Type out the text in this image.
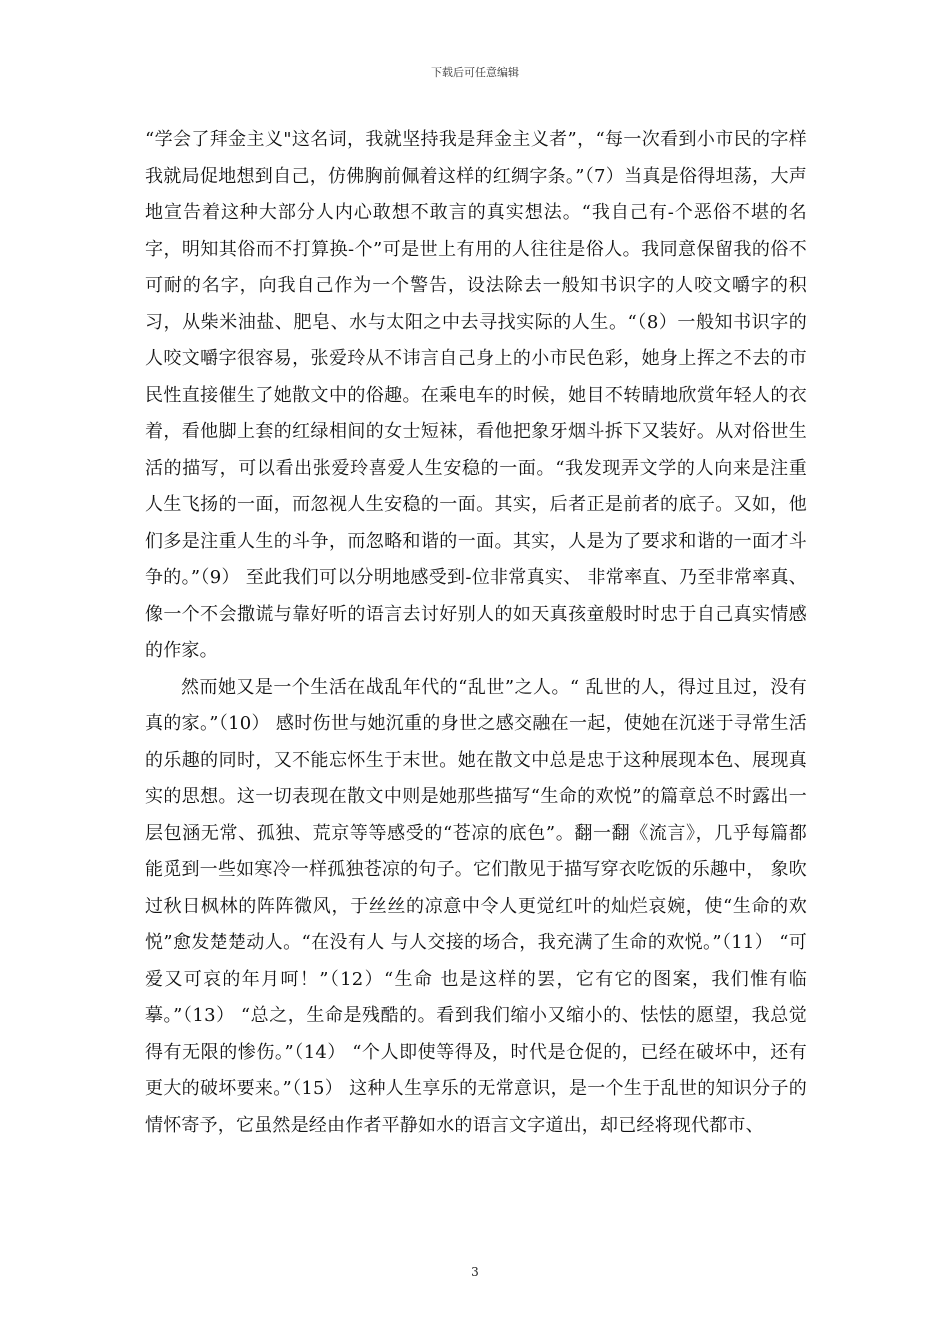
下载后可任意编辑

“学会了拜金主义"这名词，我就坚持我是拜金主义者”，“每一次看到小市民的字样我就局促地想到自己，仿佛胸前佩着这样的红绸字条。”（7）当真是俗得坦荡，大声地宣告着这种大部分人内心敢想不敢言的真实想法。“我自己有-个恶俗不堪的名字，明知其俗而不打算换-个”可是世上有用的人往往是俗人。我同意保留我的俗不可耐的名字，向我自己作为一个警告，设法除去一般知书识字的人咬文嚼字的积习，从柴米油盐、肥皂、水与太阳之中去寻找实际的人生。“（8）一般知书识字的人咬文嚼字很容易，张爱玲从不讳言自己身上的小市民色彩，她身上挥之不去的市民性直接催生了她散文中的俗趣。在乘电车的时候，她目不转睛地欣赏年轻人的衣着，看他脚上套的红绿相间的女士短袜，看他把象牙烟斗拆下又装好。从对俗世生活的描写，可以看出张爱玲喜爱人生安稳的一面。“我发现弄文学的人向来是注重人生飞扬的一面，而忽视人生安稳的一面。其实，后者正是前者的底子。又如，他们多是注重人生的斗争，而忽略和谐的一面。其实，人是为了要求和谐的一面才斗争的。”（9） 至此我们可以分明地感受到-位非常真实、 非常率直、乃至非常率真、像一个不会撒谎与靠好听的语言去讨好别人的如天真孩童般时时忠于自己真实情感的作家。

然而她又是一个生活在战乱年代的“乱世”之人。“ 乱世的人，得过且过，没有真的家。”（10） 感时伤世与她沉重的身世之感交融在一起，使她在沉迷于寻常生活的乐趣的同时，又不能忘怀生于末世。她在散文中总是忠于这种展现本色、展现真实的思想。这一切表现在散文中则是她那些描写“生命的欢悦”的篇章总不时露出一层包涵无常、孤独、荒京等等感受的“苍凉的底色”。翻一翻《流言》，几乎每篇都能觅到一些如寒冷一样孤独苍凉的句子。它们散见于描写穿衣吃饭的乐趣中， 象吹过秋日枫林的阵阵微风，于丝丝的凉意中令人更觉红叶的灿烂哀婉，使“生命的欢悦”愈发楚楚动人。“在没有人 与人交接的场合，我充满了生命的欢悦。”（11） “可爱又可哀的年月呵！”（12）“生命 也是这样的罢，它有它的图案，我们惟有临摹。”（13） “总之，生命是残酷的。看到我们缩小又缩小的、怯怯的愿望，我总觉得有无限的惨伤。”（14） “个人即使等得及，时代是仓促的，已经在破坏中，还有更大的破坏要来。”（15） 这种人生享乐的无常意识，是一个生于乱世的知识分子的情怀寄予，它虽然是经由作者平静如水的语言文字道出，却已经将现代都市、

3
